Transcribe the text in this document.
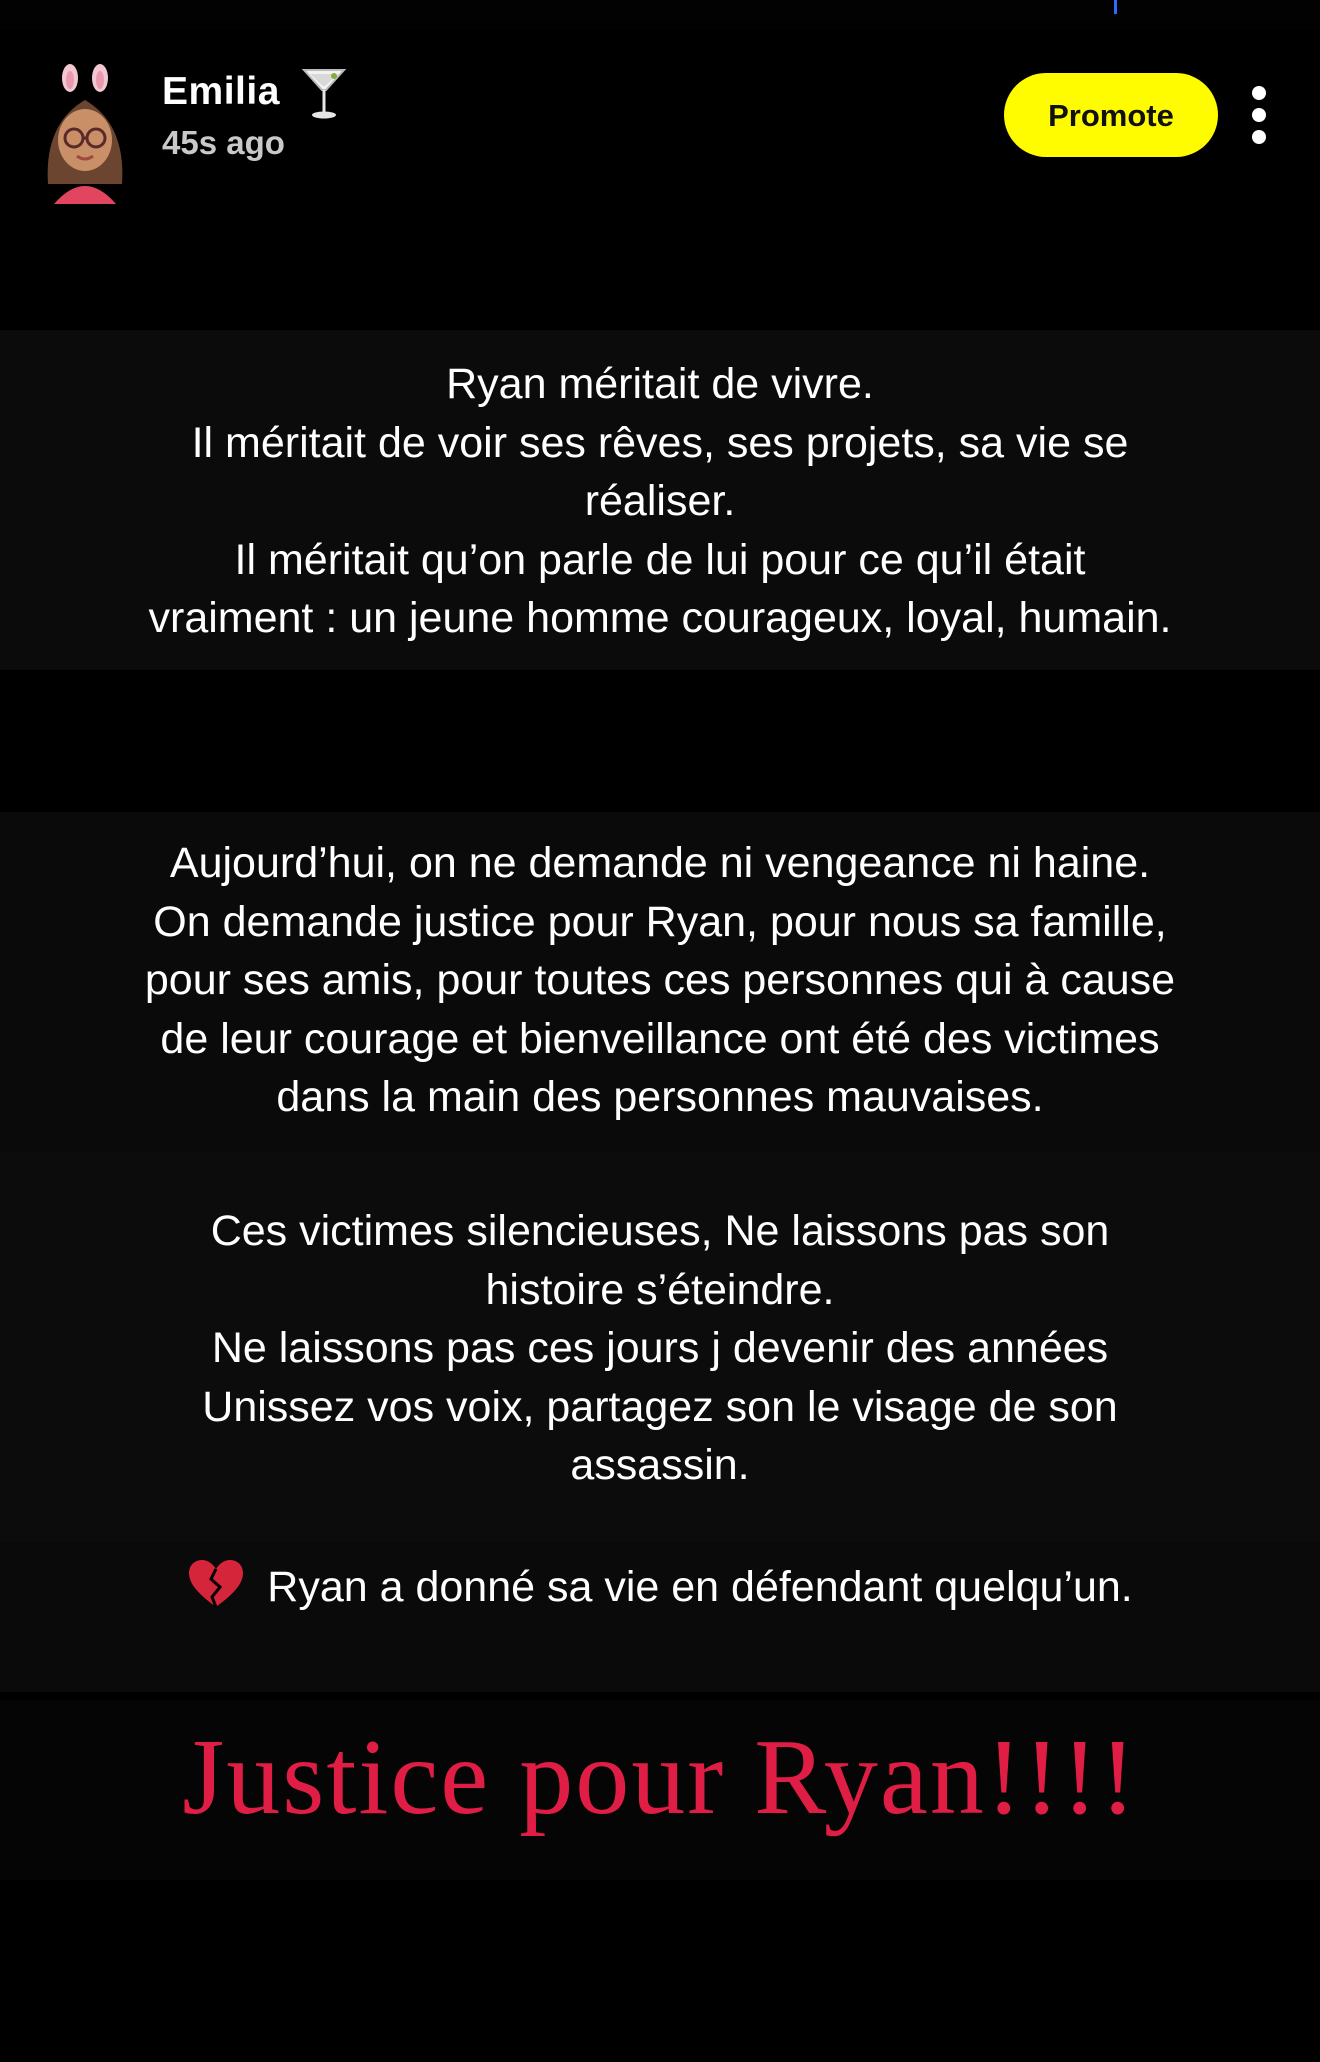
Emilia
45s ago
Promote
Ryan méritait de vivre.
Il méritait de voir ses rêves, ses projets, sa vie se
réaliser.
Il méritait qu’on parle de lui pour ce qu’il était
vraiment : un jeune homme courageux, loyal, humain.
Aujourd’hui, on ne demande ni vengeance ni haine.
On demande justice pour Ryan, pour nous sa famille,
pour ses amis, pour toutes ces personnes qui à cause
de leur courage et bienveillance ont été des victimes
dans la main des personnes mauvaises.
Ces victimes silencieuses, Ne laissons pas son
histoire s’éteindre.
Ne laissons pas ces jours j devenir des années
Unissez vos voix, partagez son le visage de son
assassin.
Ryan a donné sa vie en défendant quelqu’un.
Justice pour Ryan!!!!
